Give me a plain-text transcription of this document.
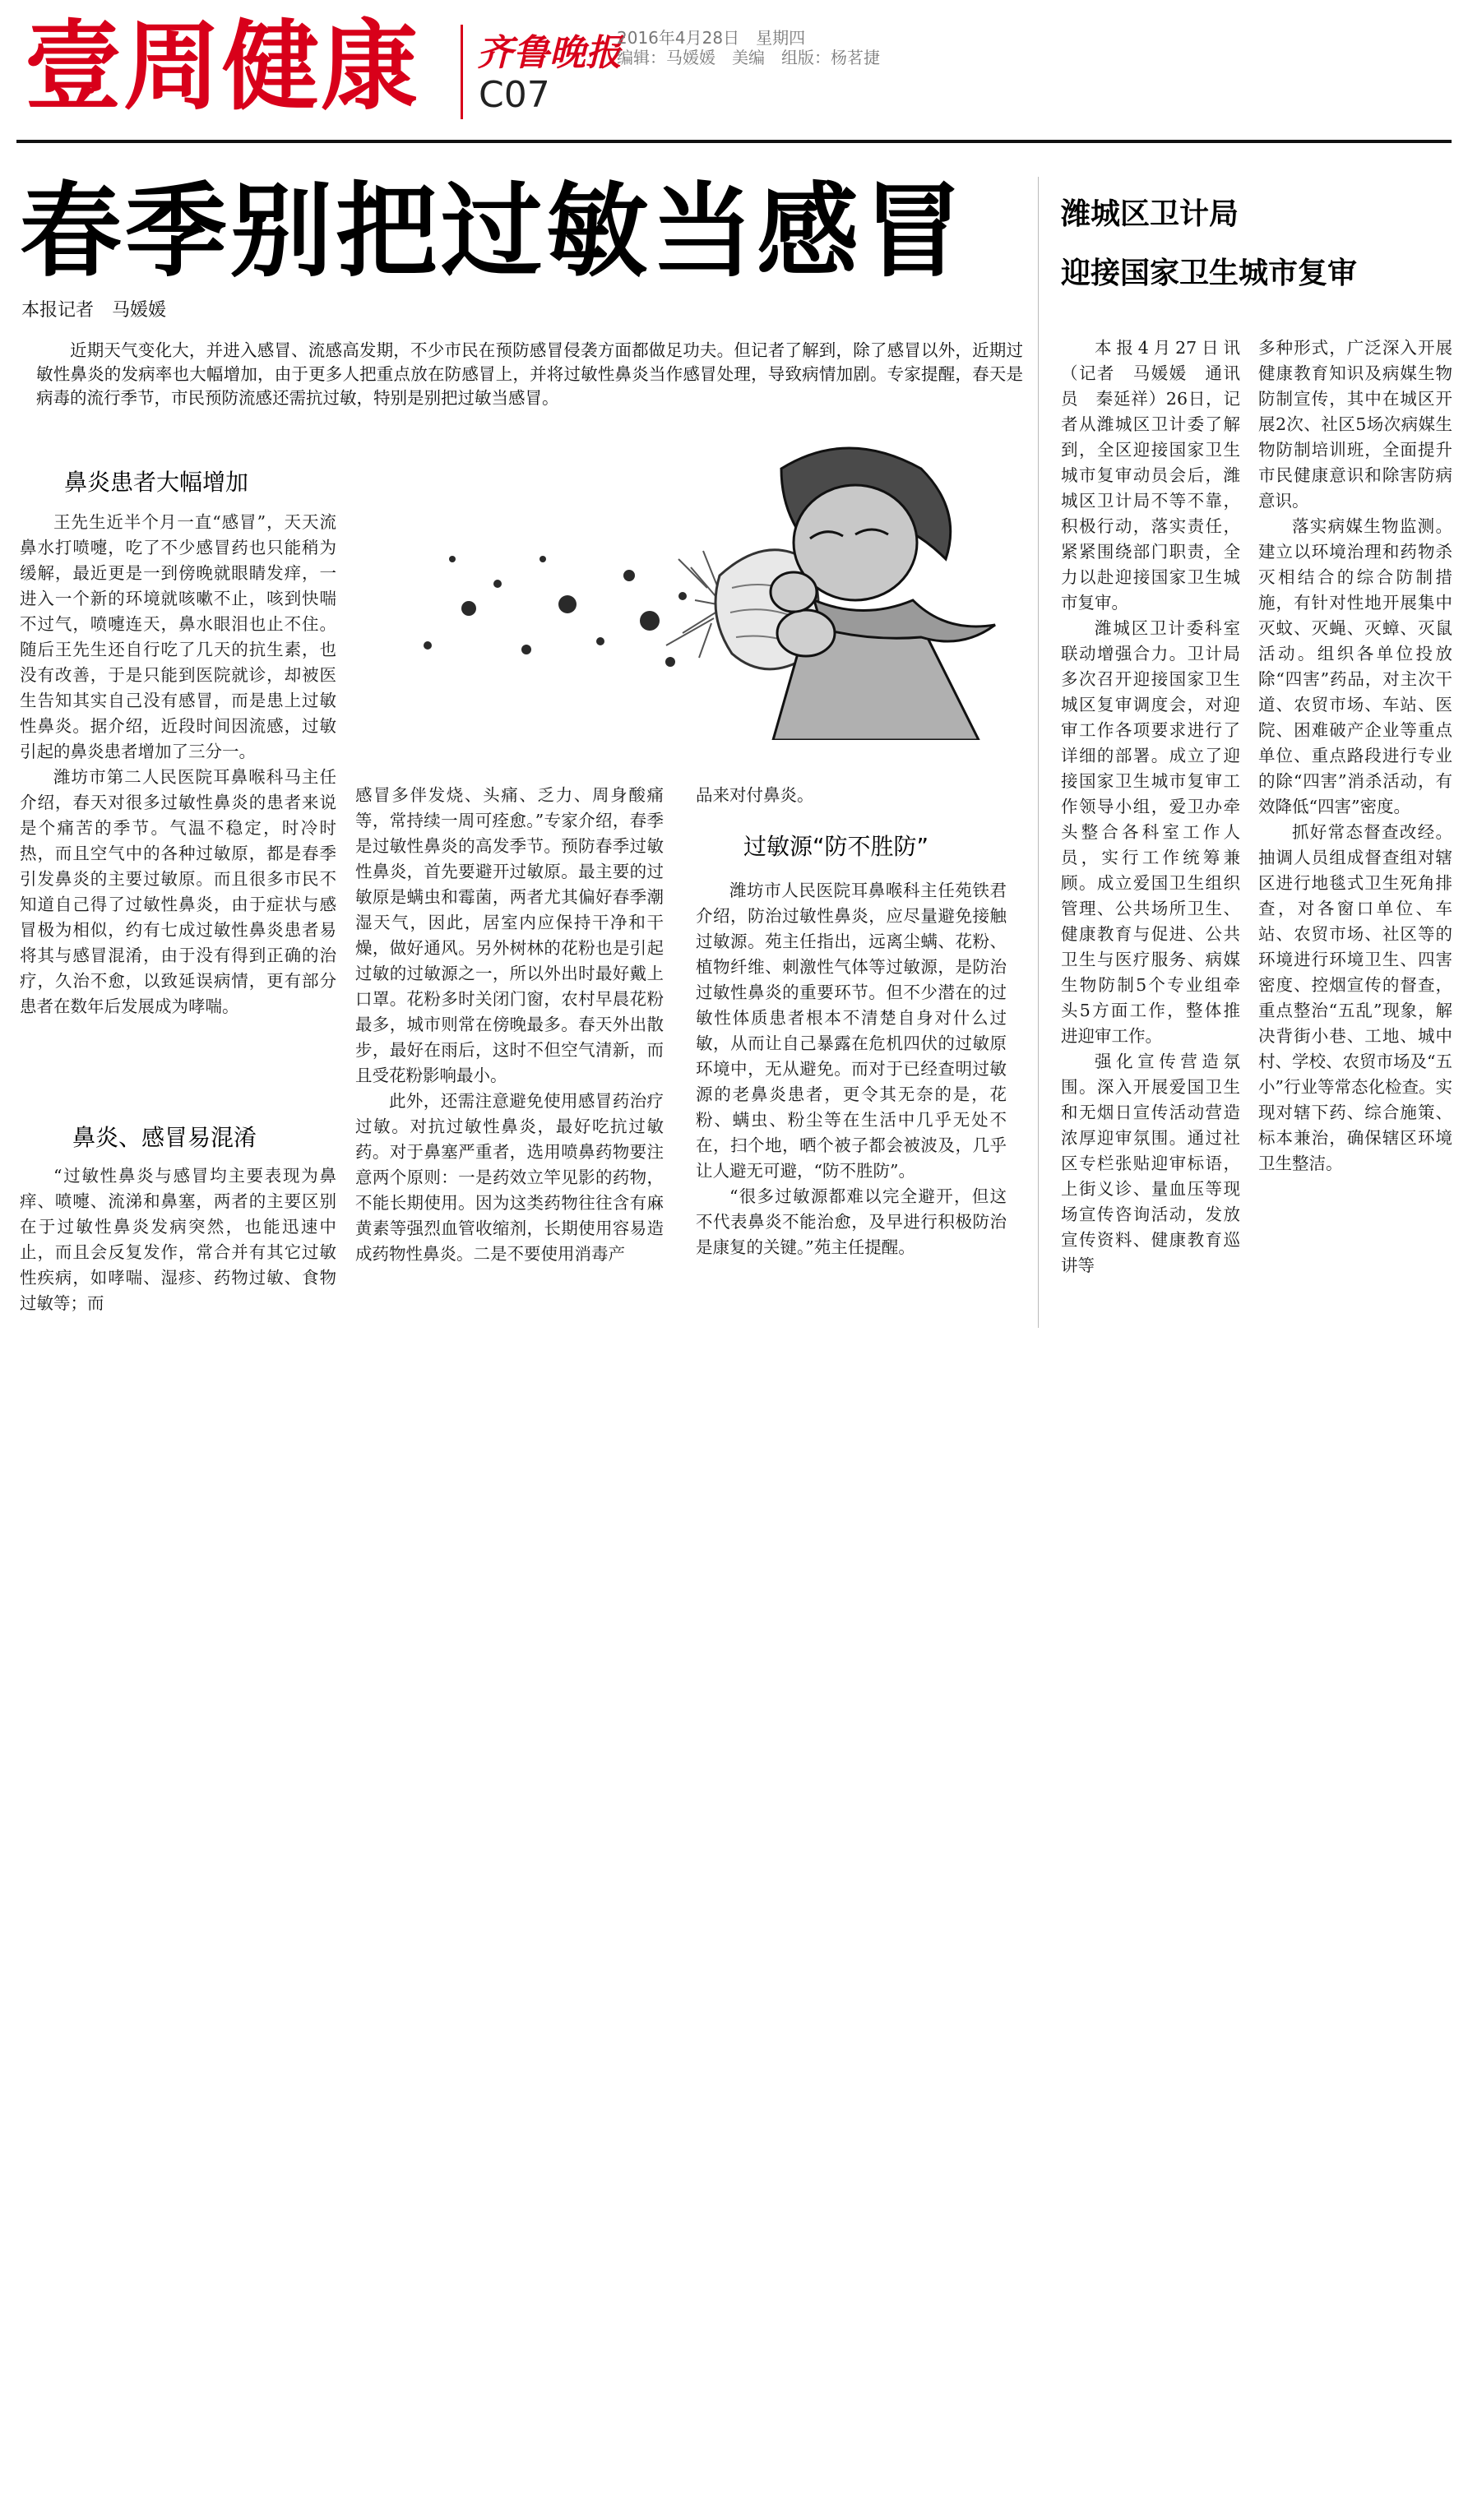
壹周健康 齐鲁晚报
C07
2016年4月28日　星期四
编辑：马媛媛　美编　组版：杨茗捷
春季别把过敏当感冒
本报记者　马媛媛
近期天气变化大，并进入感冒、流感高发期，不少市民在预防感冒侵袭方面都做足功夫。但记者了解到，除了感冒以外，近期过敏性鼻炎的发病率也大幅增加，由于更多人把重点放在防感冒上，并将过敏性鼻炎当作感冒处理，导致病情加剧。专家提醒，春天是病毒的流行季节，市民预防流感还需抗过敏，特别是别把过敏当感冒。
鼻炎患者大幅增加

王先生近半个月一直“感冒”，天天流鼻水打喷嚏，吃了不少感冒药也只能稍为缓解，最近更是一到傍晚就眼睛发痒，一进入一个新的环境就咳嗽不止，咳到快喘不过气，喷嚏连天，鼻水眼泪也止不住。随后王先生还自行吃了几天的抗生素，也没有改善，于是只能到医院就诊，却被医生告知其实自己没有感冒，而是患上过敏性鼻炎。据介绍，近段时间因流感，过敏引起的鼻炎患者增加了三分一。

潍坊市第二人民医院耳鼻喉科马主任介绍，春天对很多过敏性鼻炎的患者来说是个痛苦的季节。气温不稳定，时冷时热，而且空气中的各种过敏原，都是春季引发鼻炎的主要过敏原。而且很多市民不知道自己得了过敏性鼻炎，由于症状与感冒极为相似，约有七成过敏性鼻炎患者易将其与感冒混淆，由于没有得到正确的治疗，久治不愈，以致延误病情，更有部分患者在数年后发展成为哮喘。

鼻炎、感冒易混淆

“过敏性鼻炎与感冒均主要表现为鼻痒、喷嚏、流涕和鼻塞，两者的主要区别在于过敏性鼻炎发病突然，也能迅速中止，而且会反复发作，常合并有其它过敏性疾病，如哮喘、湿疹、药物过敏、食物过敏等；而

感冒多伴发烧、头痛、乏力、周身酸痛等，常持续一周可痊愈。”专家介绍，春季是过敏性鼻炎的高发季节。预防春季过敏性鼻炎，首先要避开过敏原。最主要的过敏原是螨虫和霉菌，两者尤其偏好春季潮湿天气，因此，居室内应保持干净和干燥，做好通风。另外树林的花粉也是引起过敏的过敏源之一，所以外出时最好戴上口罩。花粉多时关闭门窗，农村早晨花粉最多，城市则常在傍晚最多。春天外出散步，最好在雨后，这时不但空气清新，而且受花粉影响最小。

此外，还需注意避免使用感冒药治疗过敏。对抗过敏性鼻炎，最好吃抗过敏药。对于鼻塞严重者，选用喷鼻药物要注意两个原则：一是药效立竿见影的药物，不能长期使用。因为这类药物往往含有麻黄素等强烈血管收缩剂，长期使用容易造成药物性鼻炎。二是不要使用消毒产

品来对付鼻炎。

过敏源“防不胜防”

潍坊市人民医院耳鼻喉科主任苑铁君介绍，防治过敏性鼻炎，应尽量避免接触过敏源。苑主任指出，远离尘螨、花粉、植物纤维、刺激性气体等过敏源，是防治过敏性鼻炎的重要环节。但不少潜在的过敏性体质患者根本不清楚自身对什么过敏，从而让自己暴露在危机四伏的过敏原环境中，无从避免。而对于已经查明过敏源的老鼻炎患者，更令其无奈的是，花粉、螨虫、粉尘等在生活中几乎无处不在，扫个地，晒个被子都会被波及，几乎让人避无可避，“防不胜防”。

“很多过敏源都难以完全避开，但这不代表鼻炎不能治愈，及早进行积极防治是康复的关键。”苑主任提醒。

潍城区卫计局
迎接国家卫生城市复审

本报4月27日讯（记者　马媛媛　通讯员　秦延祥）26日，记者从潍城区卫计委了解到，全区迎接国家卫生城市复审动员会后，潍城区卫计局不等不靠，积极行动，落实责任，紧紧围绕部门职责，全力以赴迎接国家卫生城市复审。

潍城区卫计委科室联动增强合力。卫计局多次召开迎接国家卫生城区复审调度会，对迎审工作各项要求进行了详细的部署。成立了迎接国家卫生城市复审工作领导小组，爱卫办牵头整合各科室工作人员，实行工作统筹兼顾。成立爱国卫生组织管理、公共场所卫生、健康教育与促进、公共卫生与医疗服务、病媒生物防制5个专业组牵头5方面工作，整体推进迎审工作。

强化宣传营造氛围。深入开展爱国卫生和无烟日宣传活动营造浓厚迎审氛围。通过社区专栏张贴迎审标语，上街义诊、量血压等现场宣传咨询活动，发放宣传资料、健康教育巡讲等

多种形式，广泛深入开展健康教育知识及病媒生物防制宣传，其中在城区开展2次、社区5场次病媒生物防制培训班，全面提升市民健康意识和除害防病意识。

落实病媒生物监测。建立以环境治理和药物杀灭相结合的综合防制措施，有针对性地开展集中灭蚊、灭蝇、灭蟑、灭鼠活动。组织各单位投放除“四害”药品，对主次干道、农贸市场、车站、医院、困难破产企业等重点单位、重点路段进行专业的除“四害”消杀活动，有效降低“四害”密度。

抓好常态督查改经。抽调人员组成督查组对辖区进行地毯式卫生死角排查，对各窗口单位、车站、农贸市场、社区等的环境进行环境卫生、四害密度、控烟宣传的督查，重点整治“五乱”现象，解决背街小巷、工地、城中村、学校、农贸市场及“五小”行业等常态化检查。实现对辖下药、综合施策、标本兼治，确保辖区环境卫生整洁。
